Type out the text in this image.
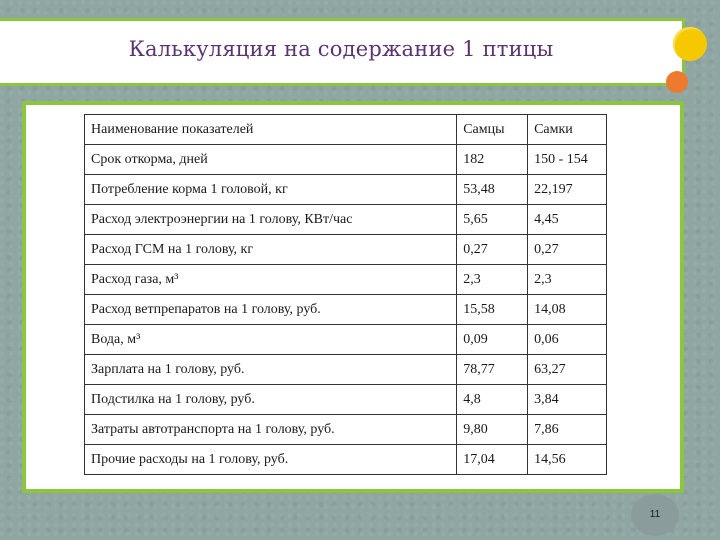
Калькуляция на содержание 1 птицы
Наименование показателей	Самцы	Самки
Срок откорма, дней	182	150 - 154
Потребление корма 1 головой, кг	53,48	22,197
Расход электроэнергии на 1 голову, КВт/час	5,65	4,45
Расход ГСМ на 1 голову, кг	0,27	0,27
Расход газа, м³	2,3	2,3
Расход ветпрепаратов на 1 голову, руб.	15,58	14,08
Вода, м³	0,09	0,06
Зарплата на 1 голову, руб.	78,77	63,27
Подстилка на 1 голову, руб.	4,8	3,84
Затраты автотранспорта на 1 голову, руб.	9,80	7,86
Прочие расходы на 1 голову, руб.	17,04	14,56
11
